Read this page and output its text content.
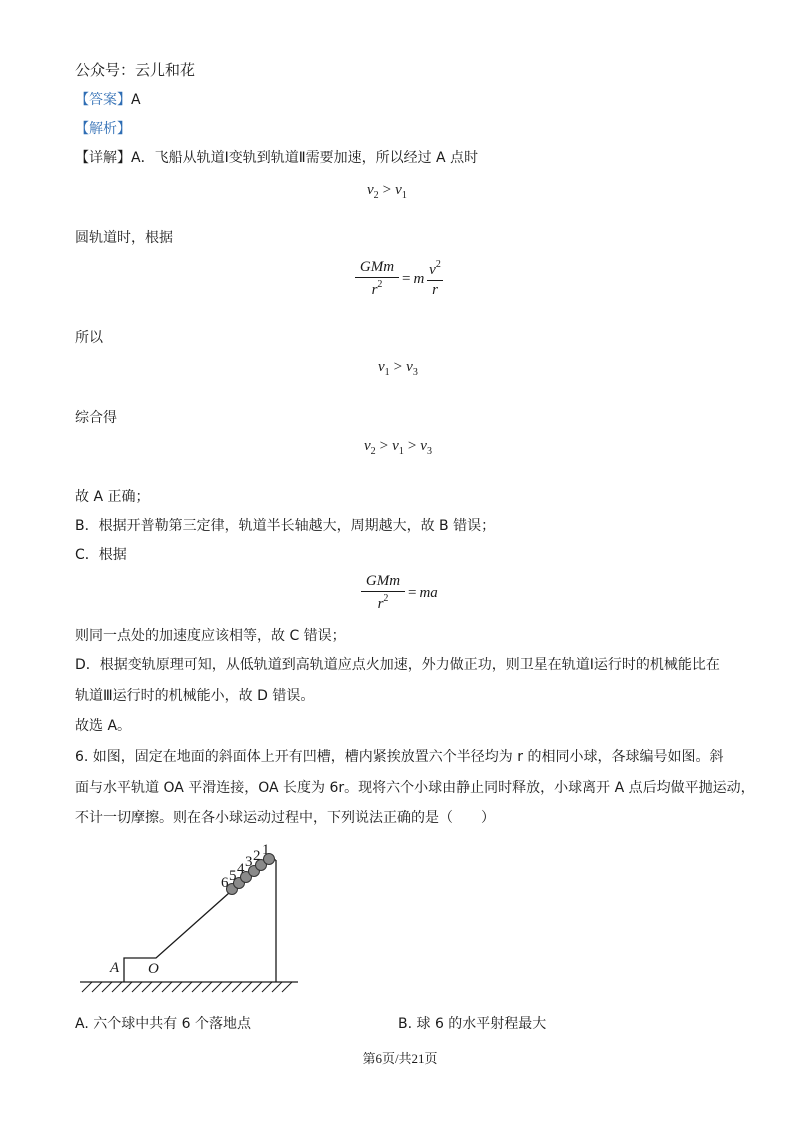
公众号：云儿和花
【答案】A
【解析】
【详解】A．飞船从轨道Ⅰ变轨到轨道Ⅱ需要加速，所以经过 A 点时
$v_2 > v_1$
圆轨道时，根据
GMm
$r^2$	= m $\frac{v^2}{r}$
所以
$v_1 > v_3$
综合得
$v_2 > v_1 > v_3$
故 A 正确；
B．根据开普勒第三定律，轨道半长轴越大，周期越大，故 B 错误；
C．根据
GMm
$r^2$	= ma
则同一点处的加速度应该相等，故 C 错误；
D．根据变轨原理可知，从低轨道到高轨道应点火加速，外力做正功，则卫星在轨道Ⅰ运行时的机械能比在
轨道Ⅲ运行时的机械能小，故 D 错误。
故选 A。
6. 如图，固定在地面的斜面体上开有凹槽，槽内紧挨放置六个半径均为 r 的相同小球，各球编号如图。斜
面与水平轨道 OA 平滑连接，OA 长度为 6r。现将六个小球由静止同时释放，小球离开 A 点后均做平抛运动，
不计一切摩擦。则在各小球运动过程中，下列说法正确的是（　　）
6 5 4 3 2 1
A O
A. 六个球中共有 6 个落地点	B. 球 6 的水平射程最大
第6页/共21页
